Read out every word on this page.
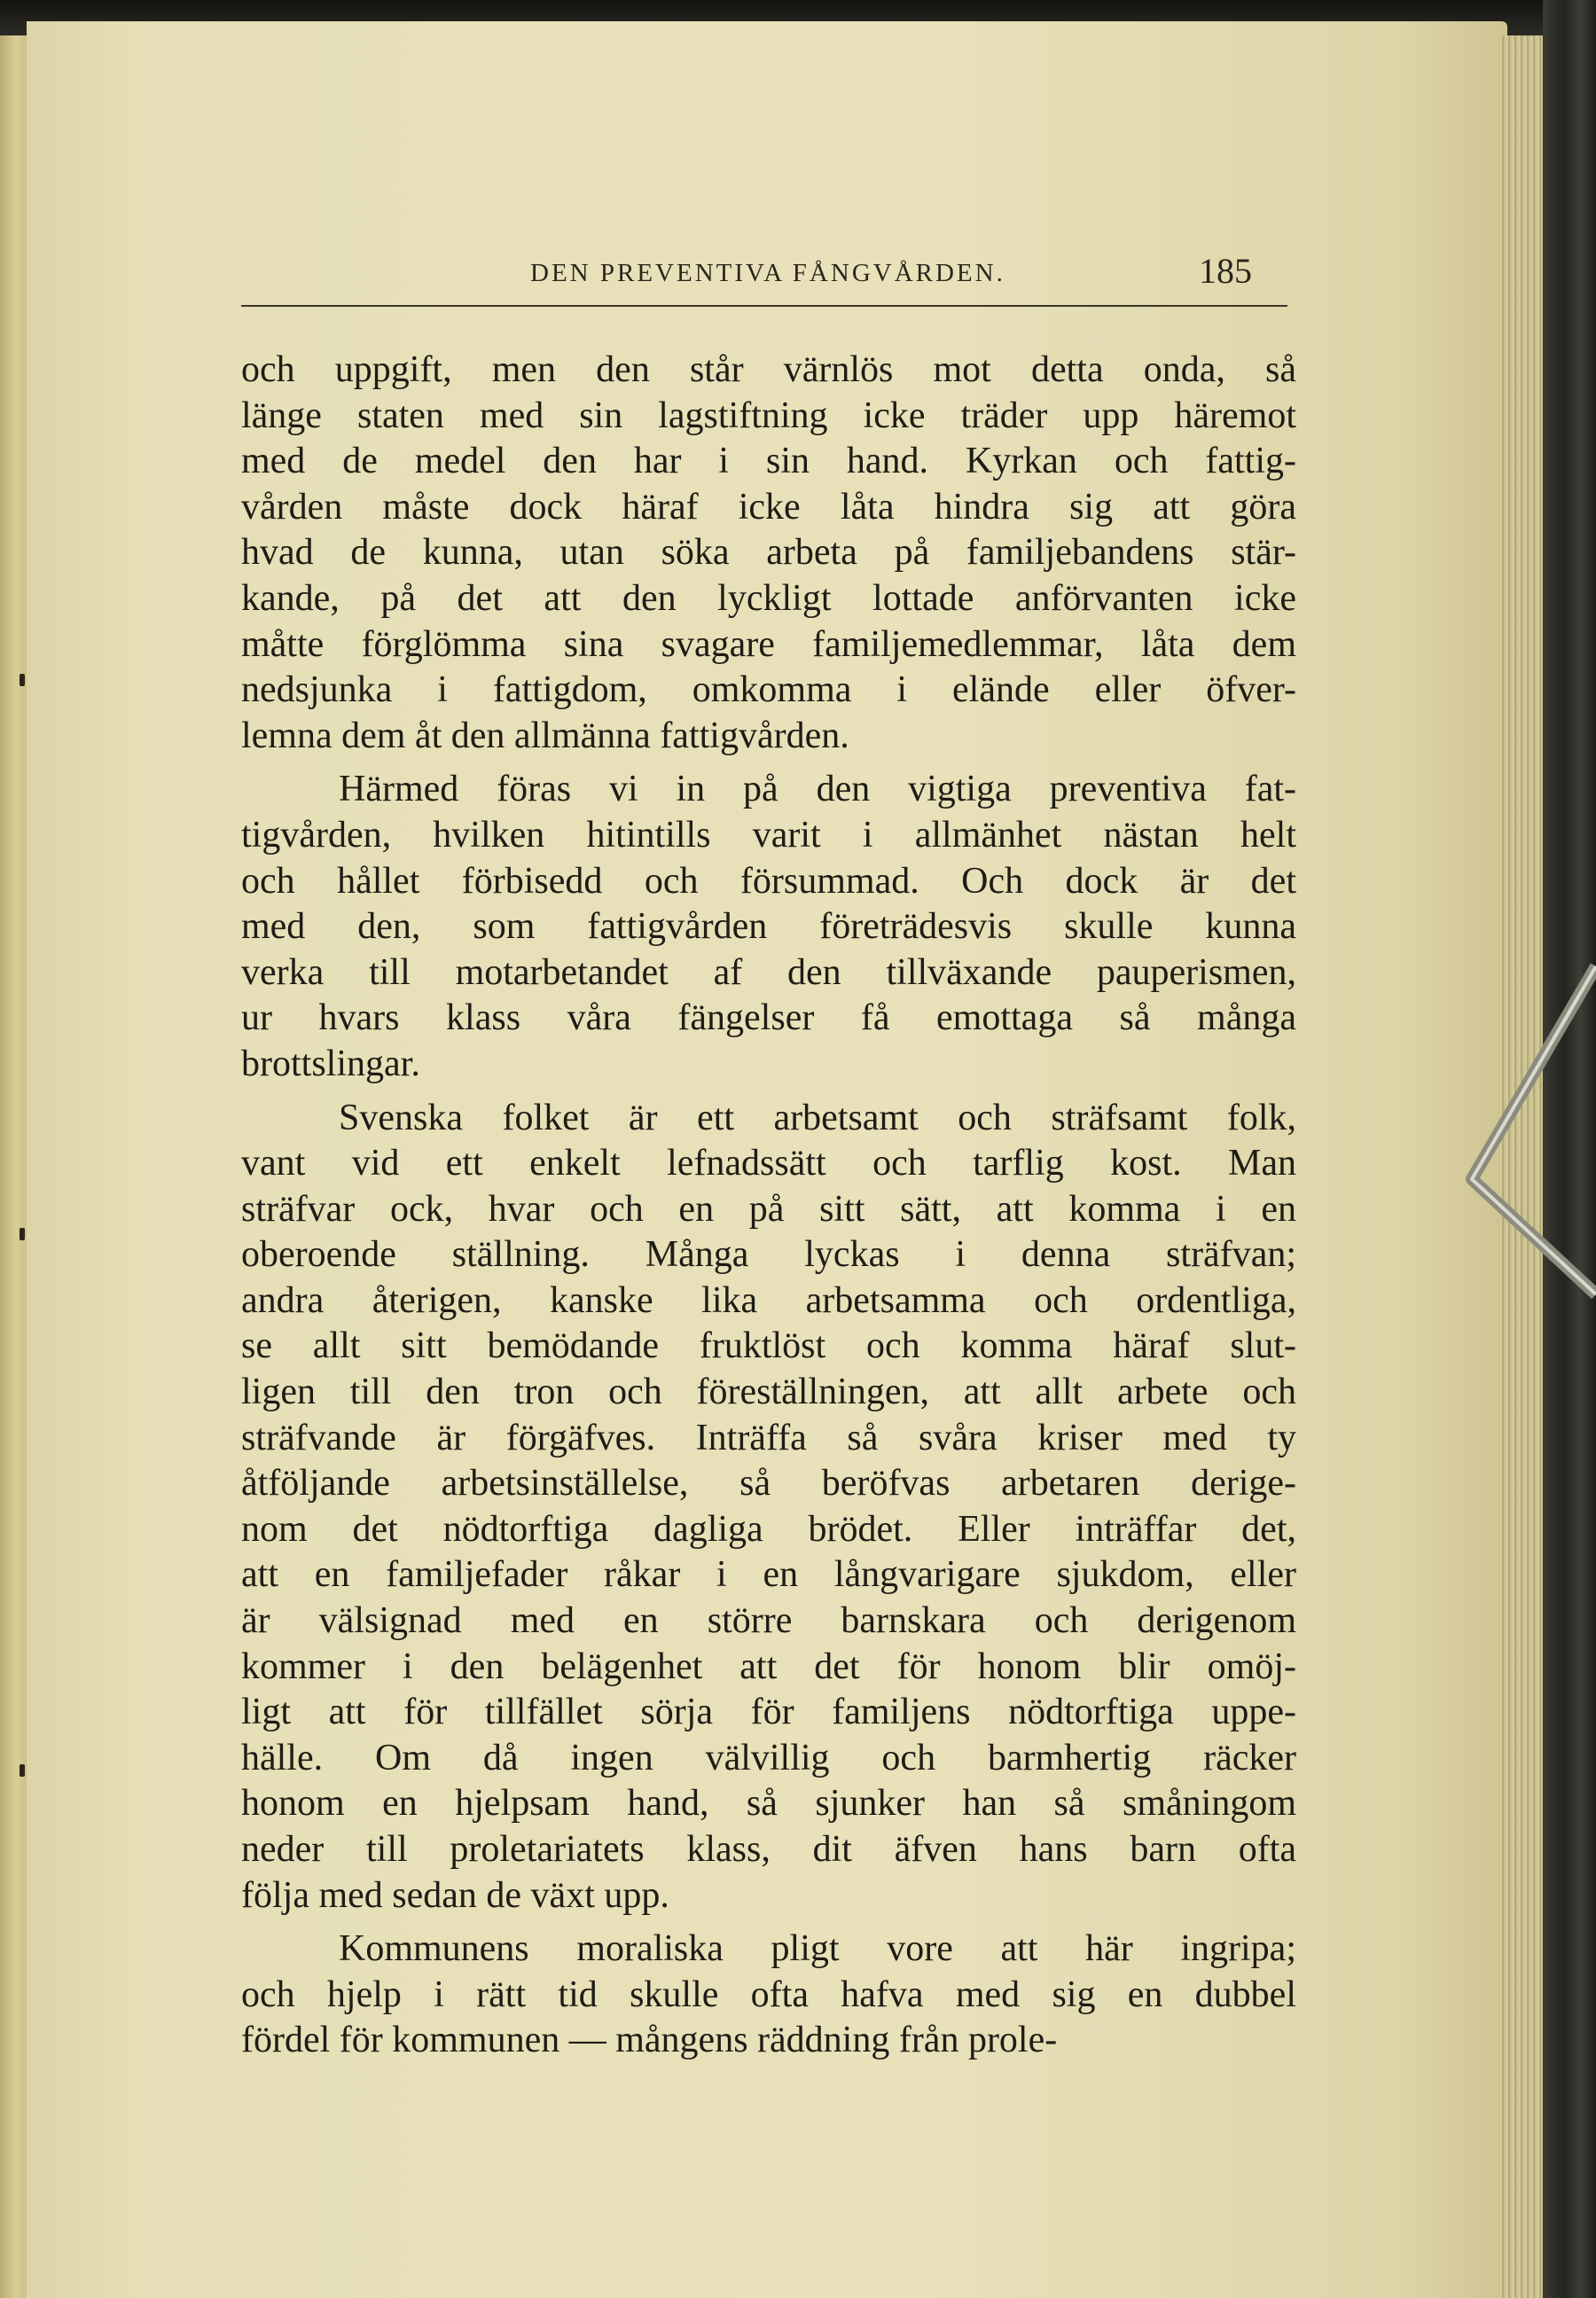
DEN PREVENTIVA FÅNGVÅRDEN.	185
och uppgift, men den står värnlös mot detta onda, så
länge staten med sin lagstiftning icke träder upp häremot
med de medel den har i sin hand. Kyrkan och fattig-
vården måste dock häraf icke låta hindra sig att göra
hvad de kunna, utan söka arbeta på familjebandens stär-
kande, på det att den lyckligt lottade anförvanten icke
måtte förglömma sina svagare familjemedlemmar, låta dem
nedsjunka i fattigdom, omkomma i elände eller öfver-
lemna dem åt den allmänna fattigvården.
Härmed föras vi in på den vigtiga preventiva fat-
tigvården, hvilken hitintills varit i allmänhet nästan helt
och hållet förbisedd och försummad. Och dock är det
med den, som fattigvården företrädesvis skulle kunna
verka till motarbetandet af den tillväxande pauperismen,
ur hvars klass våra fängelser få emottaga så många
brottslingar.
Svenska folket är ett arbetsamt och sträfsamt folk,
vant vid ett enkelt lefnadssätt och tarflig kost. Man
sträfvar ock, hvar och en på sitt sätt, att komma i en
oberoende ställning. Många lyckas i denna sträfvan;
andra återigen, kanske lika arbetsamma och ordentliga,
se allt sitt bemödande fruktlöst och komma häraf slut-
ligen till den tron och föreställningen, att allt arbete och
sträfvande är förgäfves. Inträffa så svåra kriser med ty
åtföljande arbetsinställelse, så beröfvas arbetaren derige-
nom det nödtorftiga dagliga brödet. Eller inträffar det,
att en familjefader råkar i en långvarigare sjukdom, eller
är välsignad med en större barnskara och derigenom
kommer i den belägenhet att det för honom blir omöj-
ligt att för tillfället sörja för familjens nödtorftiga uppe-
hälle. Om då ingen välvillig och barmhertig räcker
honom en hjelpsam hand, så sjunker han så småningom
neder till proletariatets klass, dit äfven hans barn ofta
följa med sedan de växt upp.
Kommunens moraliska pligt vore att här ingripa;
och hjelp i rätt tid skulle ofta hafva med sig en dubbel
fördel för kommunen — mångens räddning från prole-
